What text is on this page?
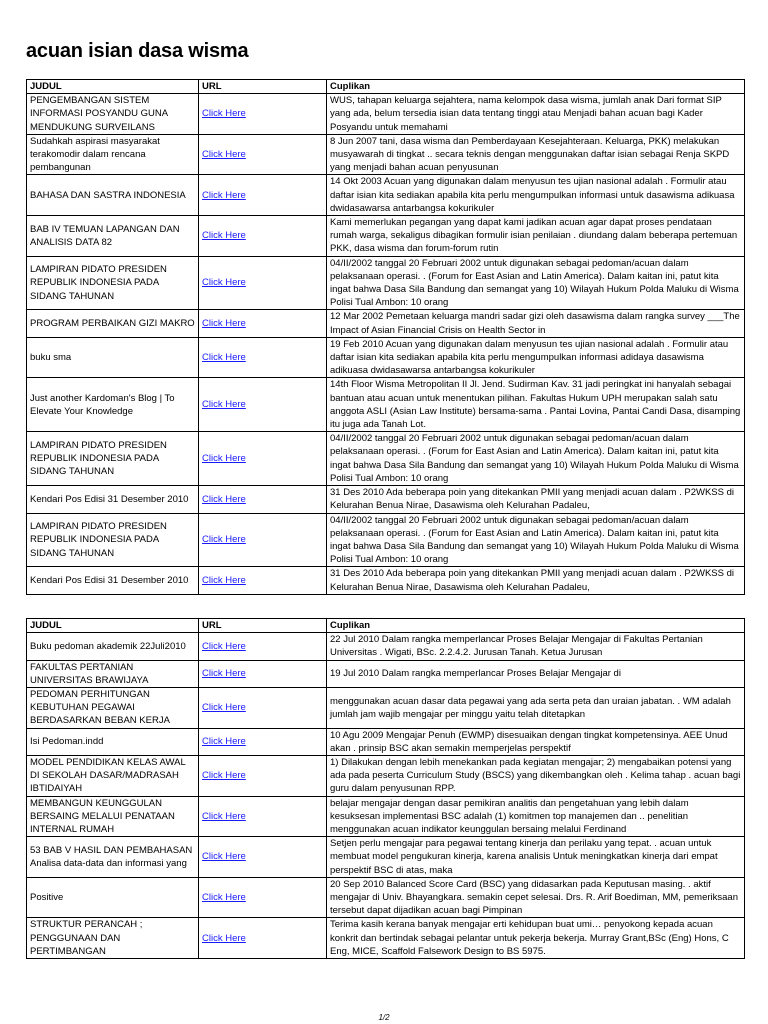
acuan isian dasa wisma
JUDUL	URL	Cuplikan
PENGEMBANGAN SISTEM INFORMASI POSYANDU GUNA MENDUKUNG SURVEILANS	Click Here	WUS, tahapan keluarga sejahtera, nama kelompok dasa wisma, jumlah anak Dari format SIP yang ada, belum tersedia isian data tentang tinggi atau Menjadi bahan acuan bagi Kader Posyandu untuk memahami
Sudahkah aspirasi masyarakat terakomodir dalam rencana pembangunan	Click Here	8 Jun 2007 tani, dasa wisma dan Pemberdayaan Kesejahteraan. Keluarga, PKK) melakukan musyawarah di tingkat .. secara teknis dengan menggunakan daftar isian sebagai Renja SKPD yang menjadi bahan acuan penyusunan
BAHASA DAN SASTRA INDONESIA	Click Here	14 Okt 2003 Acuan yang digunakan dalam menyusun tes ujian nasional adalah . Formulir atau daftar isian kita sediakan apabila kita perlu mengumpulkan informasi untuk dasawisma adikuasa dwidasawarsa antarbangsa kokurikuler
BAB IV TEMUAN LAPANGAN DAN ANALISIS DATA 82	Click Here	Kami memerlukan pegangan yang dapat kami jadikan acuan agar dapat proses pendataan rumah warga, sekaligus dibagikan formulir isian penilaian . diundang dalam beberapa pertemuan PKK, dasa wisma dan forum-forum rutin
LAMPIRAN PIDATO PRESIDEN REPUBLIK INDONESIA PADA SIDANG TAHUNAN	Click Here	04/II/2002 tanggal 20 Februari 2002 untuk digunakan sebagai pedoman/acuan dalam pelaksanaan operasi. . (Forum for East Asian and Latin America). Dalam kaitan ini, patut kita ingat bahwa Dasa Sila Bandung dan semangat yang 10) Wilayah Hukum Polda Maluku di Wisma Polisi Tual Ambon: 10 orang
PROGRAM PERBAIKAN GIZI MAKRO	Click Here	12 Mar 2002 Pemetaan keluarga mandri sadar gizi oleh dasawisma dalam rangka survey ___The Impact of Asian Financial Crisis on Health Sector in
buku sma	Click Here	19 Feb 2010 Acuan yang digunakan dalam menyusun tes ujian nasional adalah . Formulir atau daftar isian kita sediakan apabila kita perlu mengumpulkan informasi adidaya dasawisma adikuasa dwidasawarsa antarbangsa kokurikuler
Just another Kardoman's Blog | To Elevate Your Knowledge	Click Here	14th Floor Wisma Metropolitan II Jl. Jend. Sudirman Kav. 31 jadi peringkat ini hanyalah sebagai bantuan atau acuan untuk menentukan pilihan. Fakultas Hukum UPH merupakan salah satu anggota ASLI (Asian Law Institute) bersama-sama . Pantai Lovina, Pantai Candi Dasa, disamping itu juga ada Tanah Lot.
LAMPIRAN PIDATO PRESIDEN REPUBLIK INDONESIA PADA SIDANG TAHUNAN	Click Here	04/II/2002 tanggal 20 Februari 2002 untuk digunakan sebagai pedoman/acuan dalam pelaksanaan operasi. . (Forum for East Asian and Latin America). Dalam kaitan ini, patut kita ingat bahwa Dasa Sila Bandung dan semangat yang 10) Wilayah Hukum Polda Maluku di Wisma Polisi Tual Ambon: 10 orang
Kendari Pos Edisi 31 Desember 2010	Click Here	31 Des 2010 Ada beberapa poin yang ditekankan PMII yang menjadi acuan dalam . P2WKSS di Kelurahan Benua Nirae, Dasawisma oleh Kelurahan Padaleu,
LAMPIRAN PIDATO PRESIDEN REPUBLIK INDONESIA PADA SIDANG TAHUNAN	Click Here	04/II/2002 tanggal 20 Februari 2002 untuk digunakan sebagai pedoman/acuan dalam pelaksanaan operasi. . (Forum for East Asian and Latin America). Dalam kaitan ini, patut kita ingat bahwa Dasa Sila Bandung dan semangat yang 10) Wilayah Hukum Polda Maluku di Wisma Polisi Tual Ambon: 10 orang
Kendari Pos Edisi 31 Desember 2010	Click Here	31 Des 2010 Ada beberapa poin yang ditekankan PMII yang menjadi acuan dalam . P2WKSS di Kelurahan Benua Nirae, Dasawisma oleh Kelurahan Padaleu,
JUDUL	URL	Cuplikan
Buku pedoman akademik 22Juli2010	Click Here	22 Jul 2010 Dalam rangka memperlancar Proses Belajar Mengajar di Fakultas Pertanian Universitas . Wigati, BSc. 2.2.4.2. Jurusan Tanah. Ketua Jurusan
FAKULTAS PERTANIAN UNIVERSITAS BRAWIJAYA	Click Here	19 Jul 2010 Dalam rangka memperlancar Proses Belajar Mengajar di
PEDOMAN PERHITUNGAN KEBUTUHAN PEGAWAI BERDASARKAN BEBAN KERJA	Click Here	menggunakan acuan dasar data pegawai yang ada serta peta dan uraian jabatan. . WM adalah jumlah jam wajib mengajar per minggu yaitu telah ditetapkan
Isi Pedoman.indd	Click Here	10 Agu 2009 Mengajar Penuh (EWMP) disesuaikan dengan tingkat kompetensinya. AEE Unud akan . prinsip BSC akan semakin memperjelas perspektif
MODEL PENDIDIKAN KELAS AWAL DI SEKOLAH DASAR/MADRASAH IBTIDAIYAH	Click Here	1) Dilakukan dengan lebih menekankan pada kegiatan mengajar; 2) mengabaikan potensi yang ada pada peserta Curriculum Study (BSCS) yang dikembangkan oleh . Kelima tahap . acuan bagi guru dalam penyusunan RPP.
MEMBANGUN KEUNGGULAN BERSAING MELALUI PENATAAN INTERNAL RUMAH	Click Here	belajar mengajar dengan dasar pemikiran analitis dan pengetahuan yang lebih dalam kesuksesan implementasi BSC adalah (1) komitmen top manajemen dan .. penelitian menggunakan acuan indikator keunggulan bersaing melalui Ferdinand
53 BAB V HASIL DAN PEMBAHASAN Analisa data-data dan informasi yang	Click Here	Setjen perlu mengajar para pegawai tentang kinerja dan perilaku yang tepat. . acuan untuk membuat model pengukuran kinerja, karena analisis Untuk meningkatkan kinerja dari empat perspektif BSC di atas, maka
Positive	Click Here	20 Sep 2010 Balanced Score Card (BSC) yang didasarkan pada Keputusan masing. . aktif mengajar di Univ. Bhayangkara. semakin cepet selesai. Drs. R. Arif Boediman, MM, pemeriksaan tersebut dapat dijadikan acuan bagi Pimpinan
STRUKTUR PERANCAH ; PENGGUNAAN DAN PERTIMBANGAN	Click Here	Terima kasih kerana banyak mengajar erti kehidupan buat umi… penyokong kepada acuan konkrit dan bertindak sebagai pelantar untuk pekerja bekerja. Murray Grant,BSc (Eng) Hons, C Eng, MICE, Scaffold Falsework Design to BS 5975.
1/2
